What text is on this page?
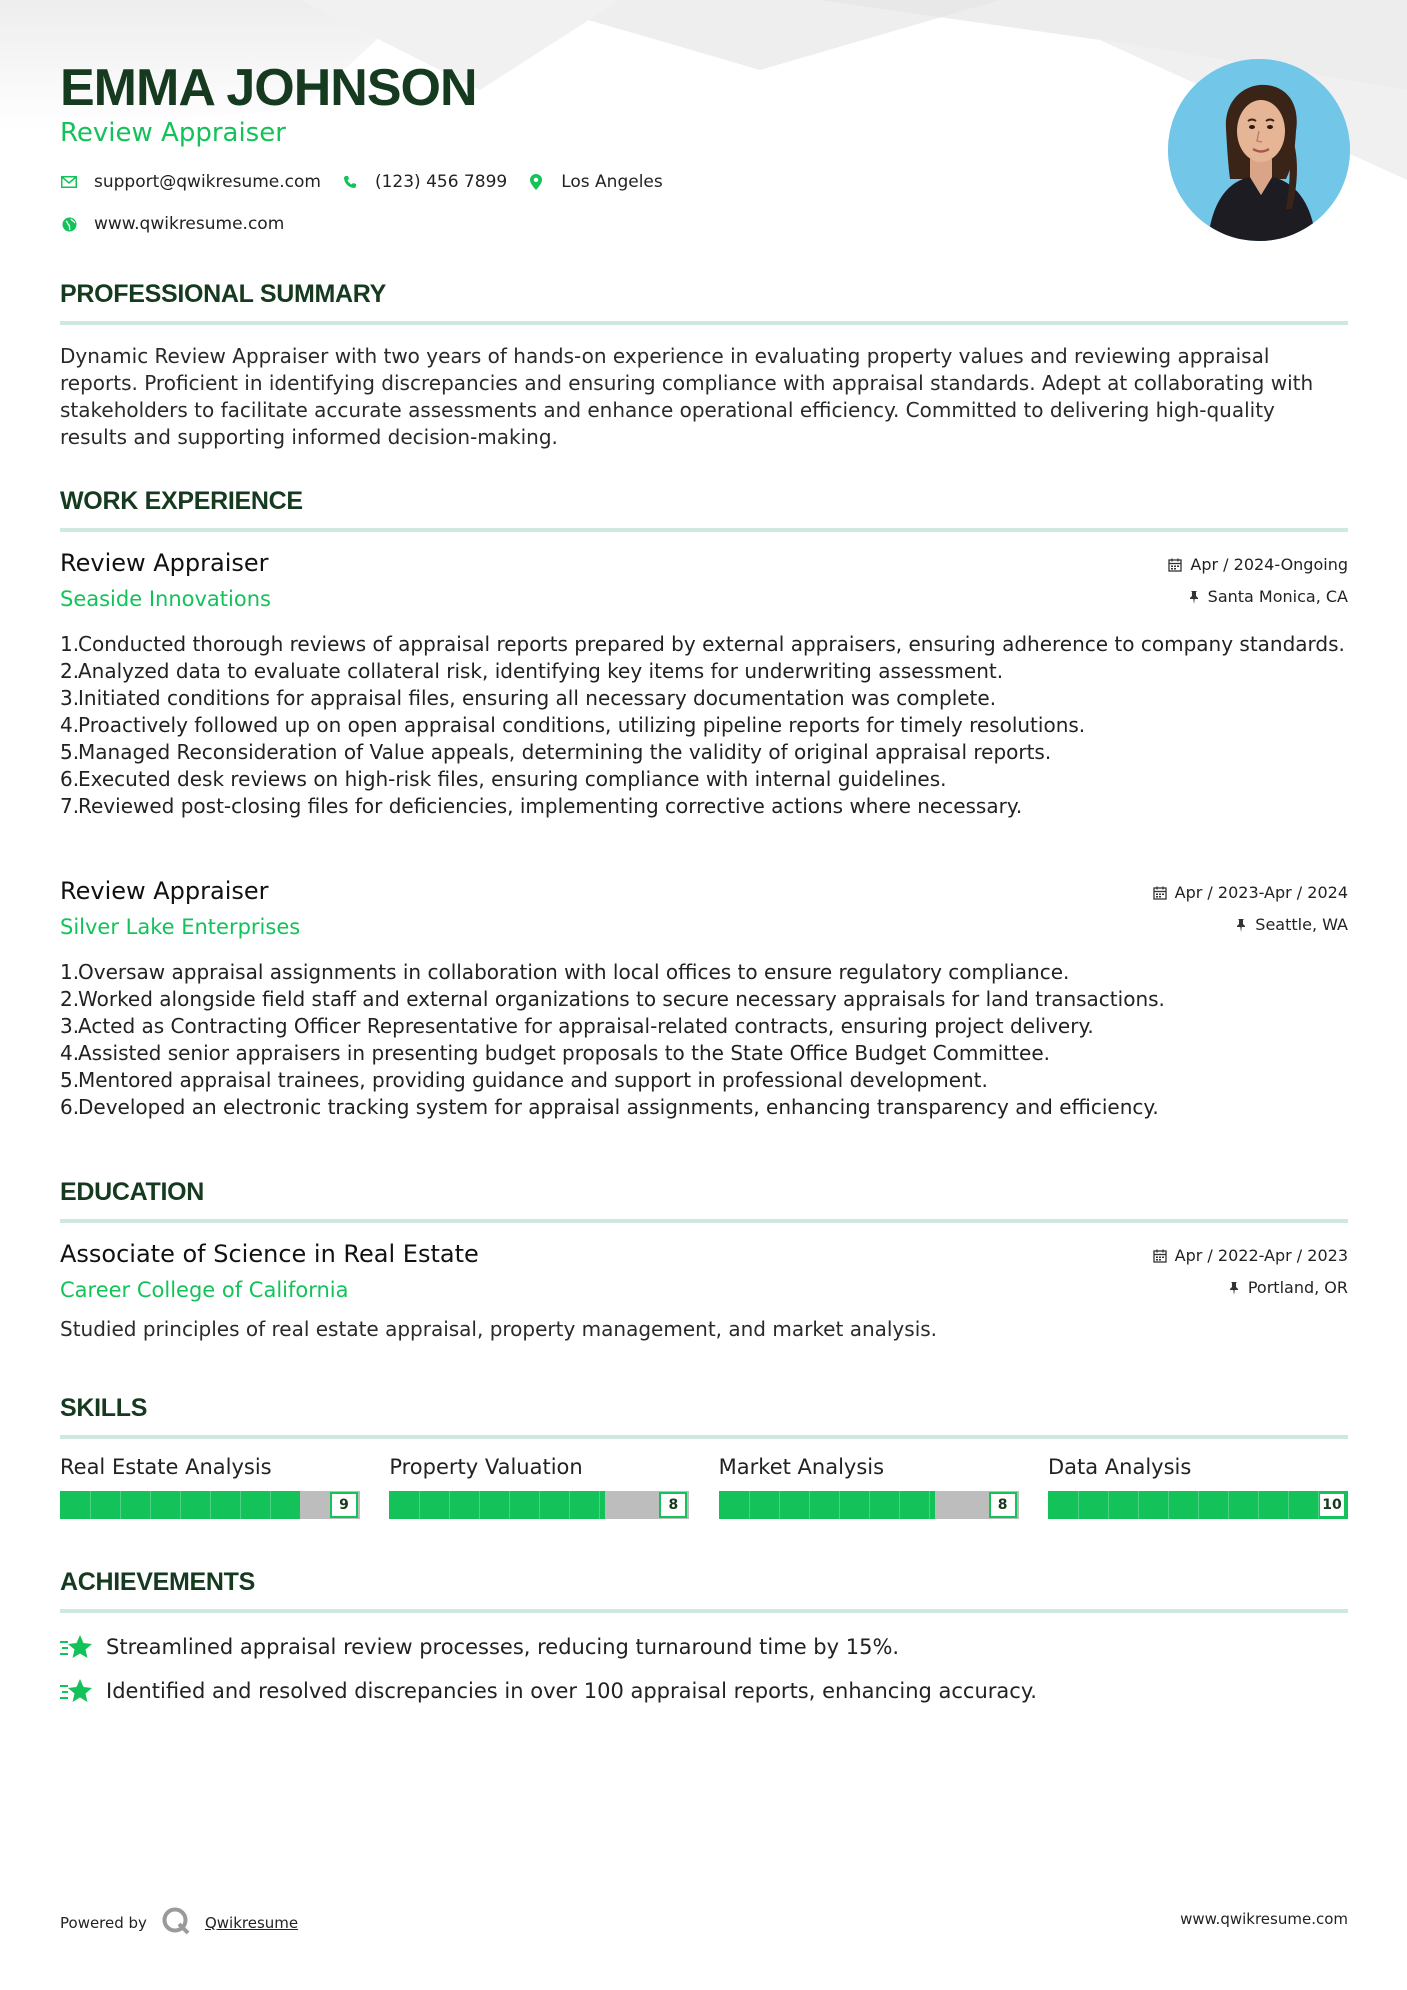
EMMA JOHNSON
Review Appraiser
support@qwikresume.com	(123) 456 7899	Los Angeles
www.qwikresume.com
PROFESSIONAL SUMMARY
Dynamic Review Appraiser with two years of hands-on experience in evaluating property values and reviewing appraisal reports. Proficient in identifying discrepancies and ensuring compliance with appraisal standards. Adept at collaborating with stakeholders to facilitate accurate assessments and enhance operational efficiency. Committed to delivering high-quality results and supporting informed decision-making.
WORK EXPERIENCE
Review Appraiser
Seaside Innovations
Apr / 2024-Ongoing
Santa Monica, CA
1.
Conducted thorough reviews of appraisal reports prepared by external appraisers, ensuring adherence to company standards.
2.
Analyzed data to evaluate collateral risk, identifying key items for underwriting assessment.
3.
Initiated conditions for appraisal files, ensuring all necessary documentation was complete.
4.
Proactively followed up on open appraisal conditions, utilizing pipeline reports for timely resolutions.
5.
Managed Reconsideration of Value appeals, determining the validity of original appraisal reports.
6.
Executed desk reviews on high-risk files, ensuring compliance with internal guidelines.
7.
Reviewed post-closing files for deficiencies, implementing corrective actions where necessary.
Review Appraiser
Silver Lake Enterprises
Apr / 2023-Apr / 2024
Seattle, WA
1.
Oversaw appraisal assignments in collaboration with local offices to ensure regulatory compliance.
2.
Worked alongside field staff and external organizations to secure necessary appraisals for land transactions.
3.
Acted as Contracting Officer Representative for appraisal-related contracts, ensuring project delivery.
4.
Assisted senior appraisers in presenting budget proposals to the State Office Budget Committee.
5.
Mentored appraisal trainees, providing guidance and support in professional development.
6.
Developed an electronic tracking system for appraisal assignments, enhancing transparency and efficiency.
EDUCATION
Associate of Science in Real Estate
Career College of California
Apr / 2022-Apr / 2023
Portland, OR
Studied principles of real estate appraisal, property management, and market analysis.
SKILLS
Real Estate Analysis
9
Property Valuation
8
Market Analysis
8
Data Analysis
10
ACHIEVEMENTS
Streamlined appraisal review processes, reducing turnaround time by 15%.
Identified and resolved discrepancies in over 100 appraisal reports, enhancing accuracy.
Powered by	Qwikresume	www.qwikresume.com
